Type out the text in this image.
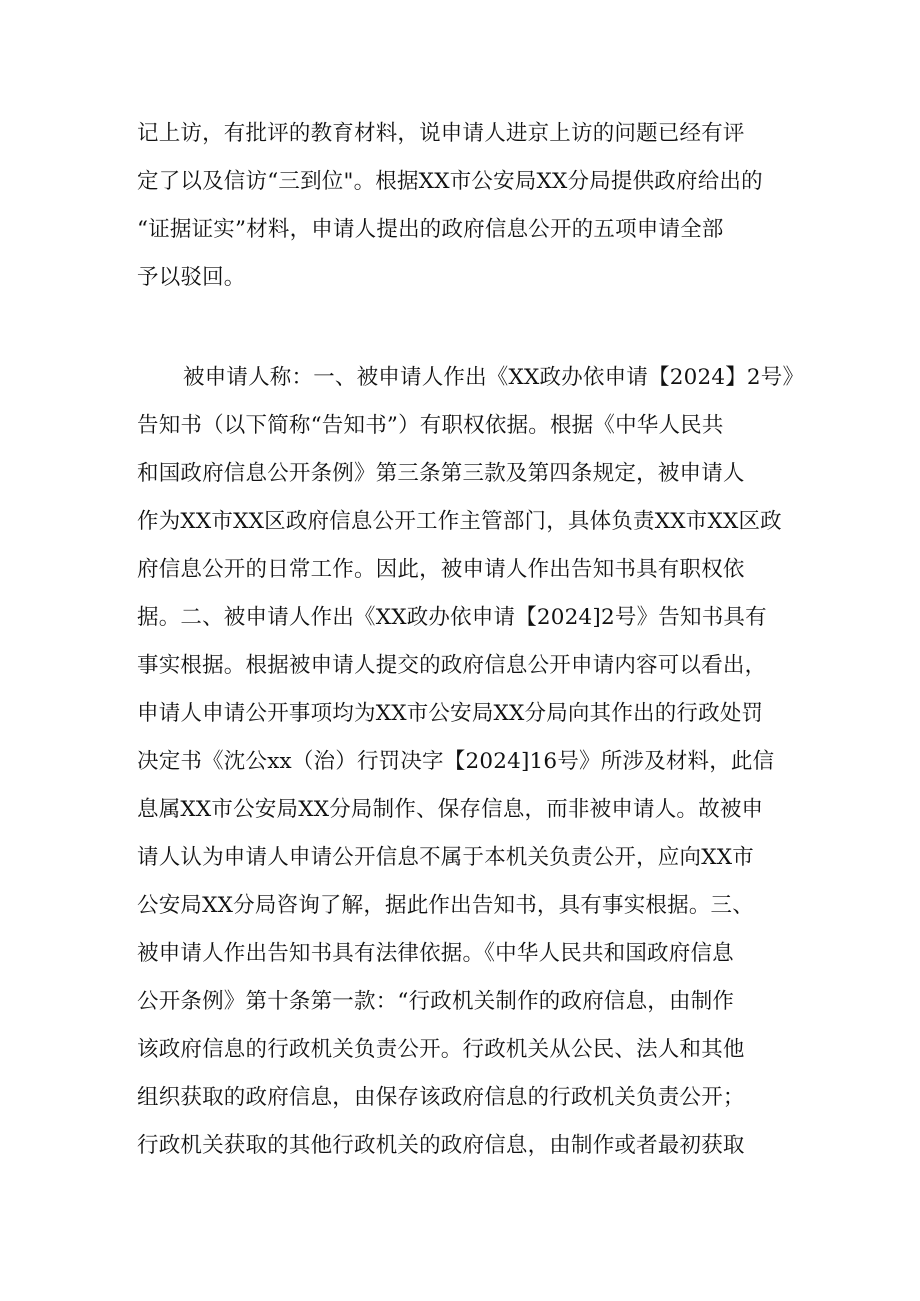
记上访，有批评的教育材料，说申请人进京上访的问题已经有评
定了以及信访“三到位"。根据XX市公安局XX分局提供政府给出的
“证据证实”材料，申请人提出的政府信息公开的五项申请全部
予以驳回。
被申请人称：一、被申请人作出《XX政办依申请【2024】2号》
告知书（以下简称“告知书”）有职权依据。根据《中华人民共
和国政府信息公开条例》第三条第三款及第四条规定，被申请人
作为XX市XX区政府信息公开工作主管部门，具体负责XX市XX区政
府信息公开的日常工作。因此，被申请人作出告知书具有职权依
据。二、被申请人作出《XX政办依申请【2024]2号》告知书具有
事实根据。根据被申请人提交的政府信息公开申请内容可以看出，
申请人申请公开事项均为XX市公安局XX分局向其作出的行政处罚
决定书《沈公xx（治）行罚决字【2024]16号》所涉及材料，此信
息属XX市公安局XX分局制作、保存信息，而非被申请人。故被申
请人认为申请人申请公开信息不属于本机关负责公开，应向XX市
公安局XX分局咨询了解，据此作出告知书，具有事实根据。三、
被申请人作出告知书具有法律依据。《中华人民共和国政府信息
公开条例》第十条第一款：“行政机关制作的政府信息，由制作
该政府信息的行政机关负责公开。行政机关从公民、法人和其他
组织获取的政府信息，由保存该政府信息的行政机关负责公开；
行政机关获取的其他行政机关的政府信息，由制作或者最初获取
